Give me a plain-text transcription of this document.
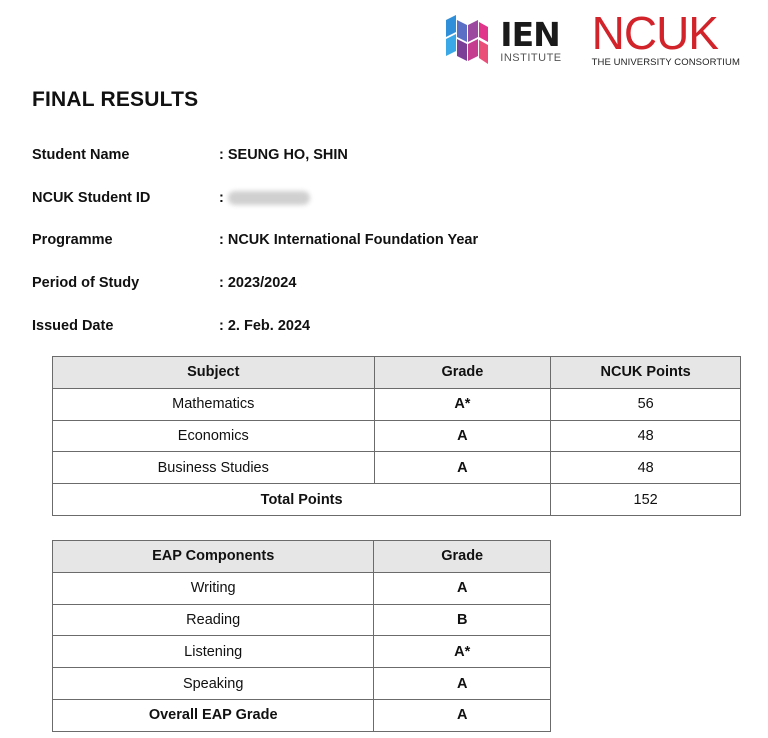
IEN
INSTITUTE NCUK
THE UNIVERSITY CONSORTIUM
FINAL RESULTS
Student Name	: SEUNG HO, SHIN
NCUK Student ID	:
Programme	: NCUK International Foundation Year
Period of Study	: 2023/2024
Issued Date	: 2. Feb. 2024
Subject	Grade	NCUK Points
Mathematics	A*	56
Economics	A	48
Business Studies	A	48
Total Points		152
EAP Components	Grade
Writing	A
Reading	B
Listening	A*
Speaking	A
Overall EAP Grade	A
